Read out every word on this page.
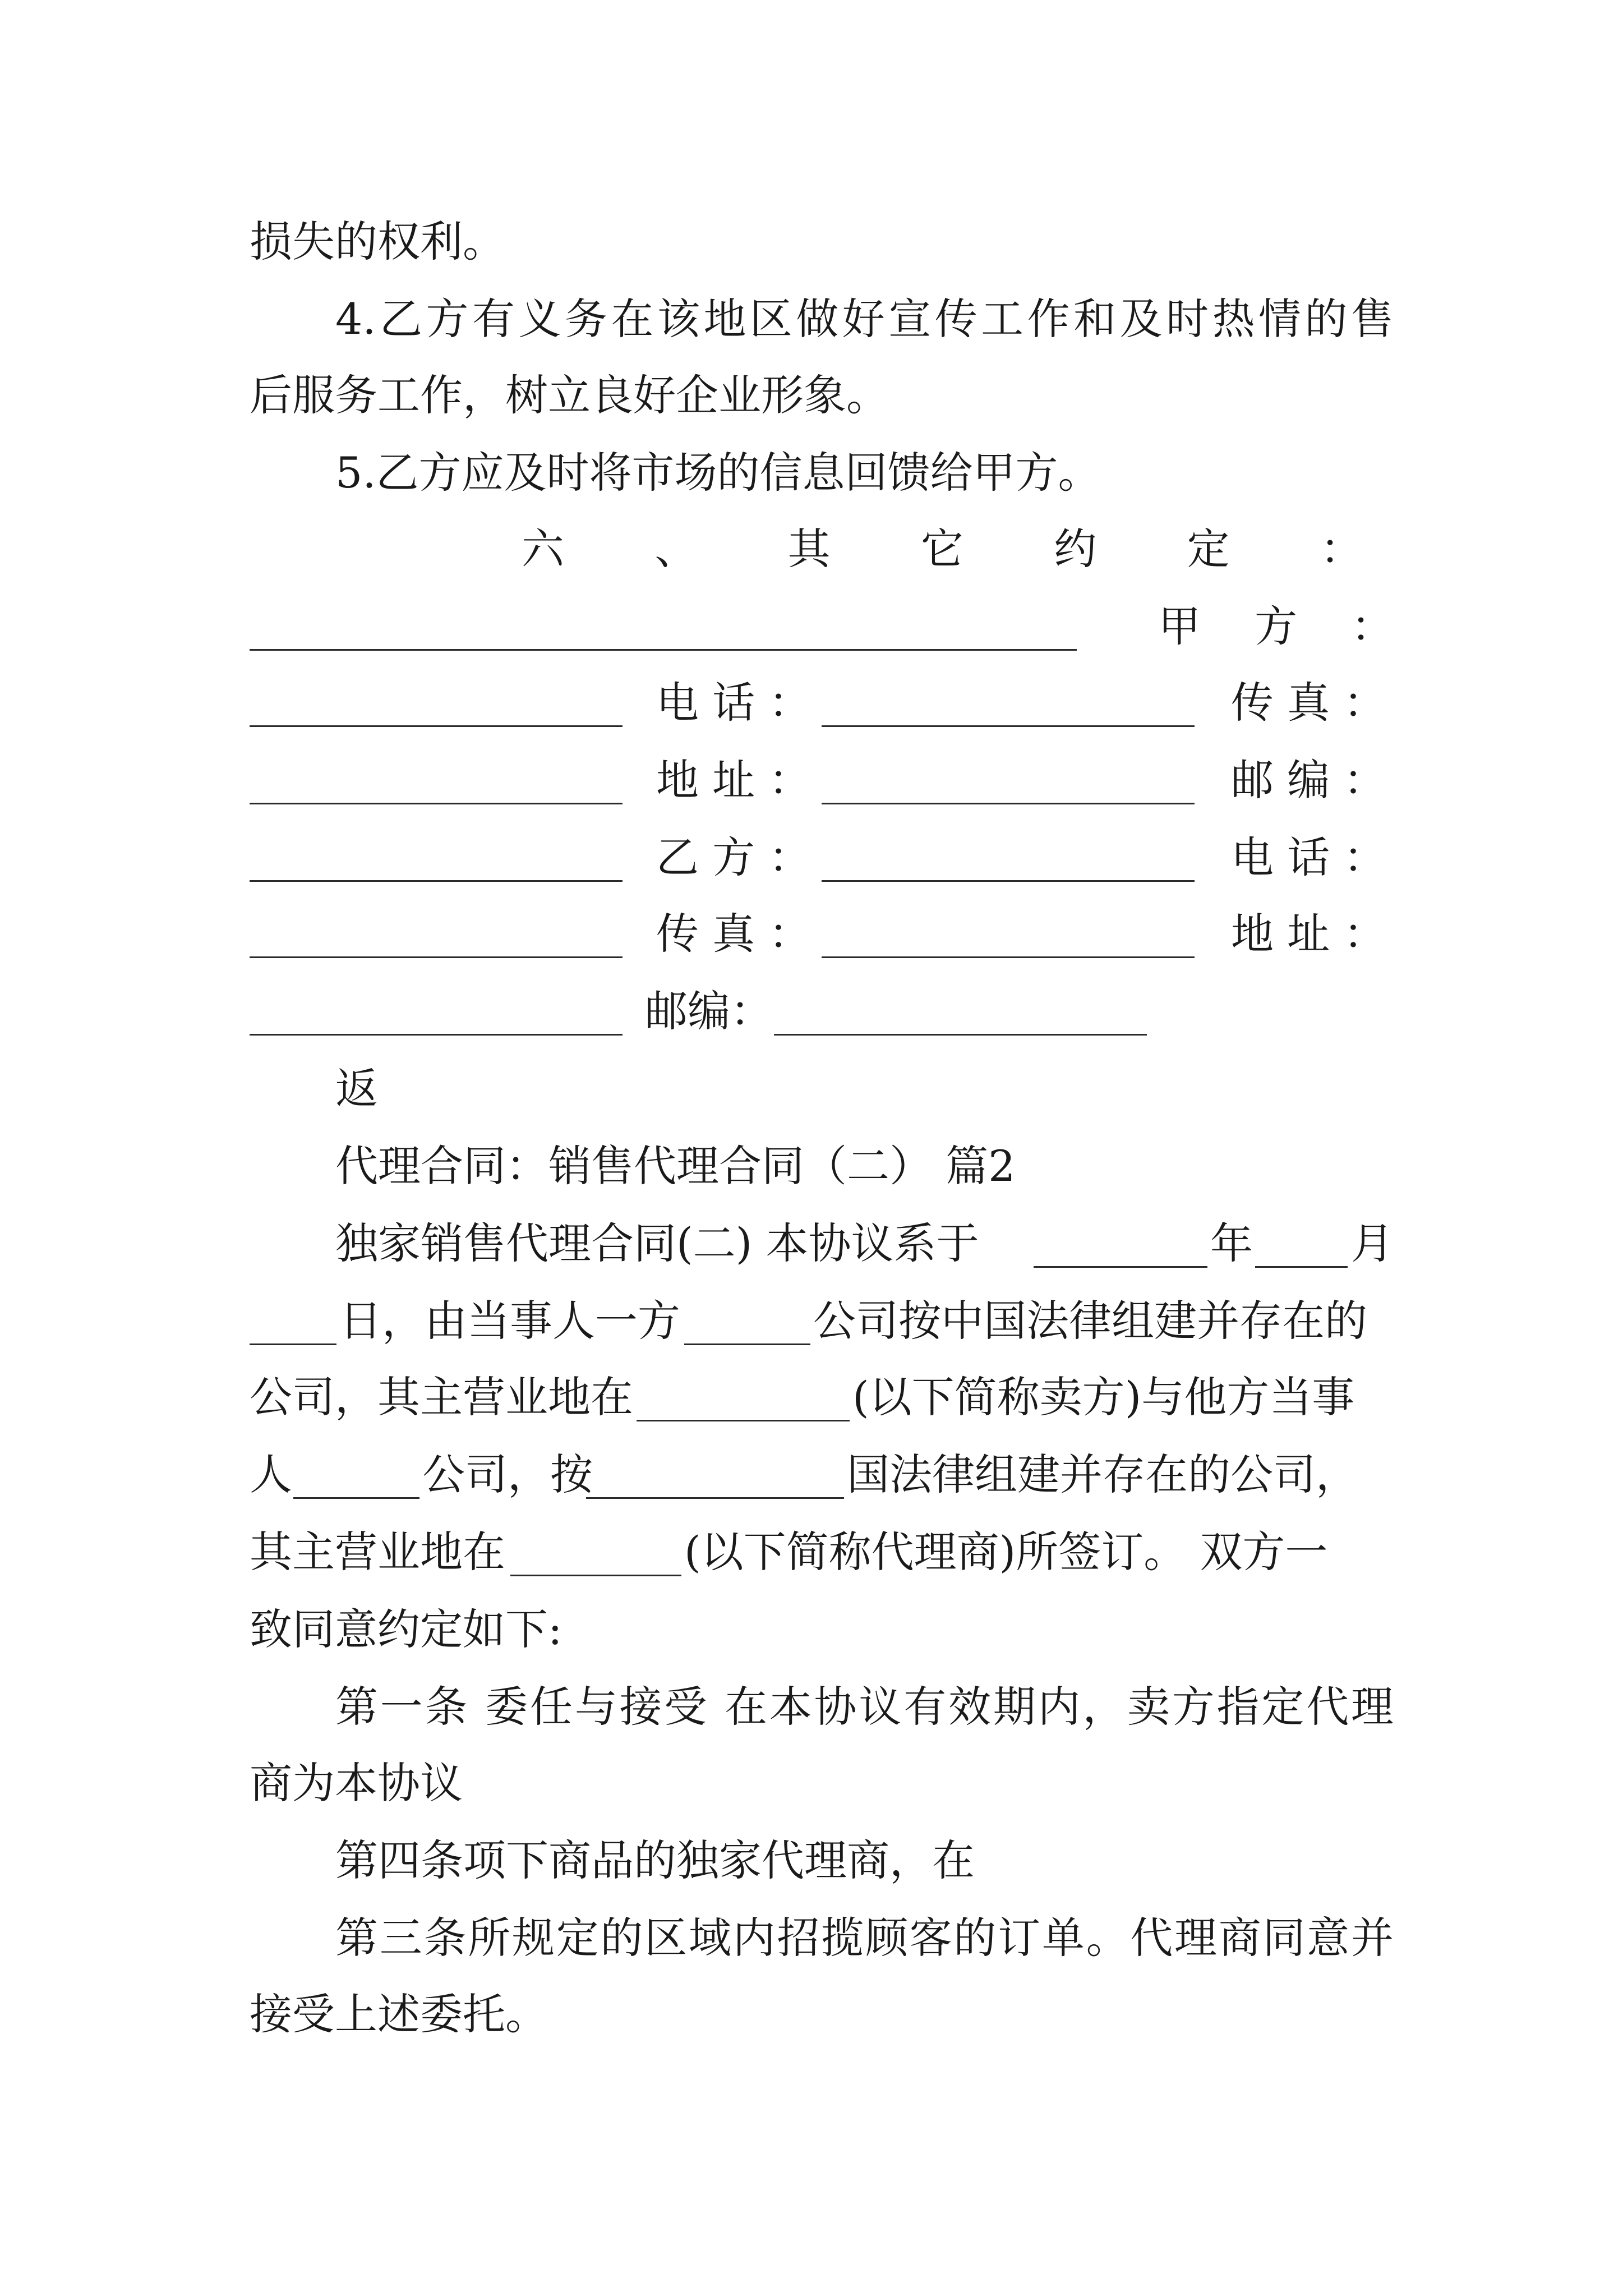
损失的权利。
4.乙方有义务在该地区做好宣传工作和及时热情的售
后服务工作，树立良好企业形象。
5.乙方应及时将市场的信息回馈给甲方。
六 、 其 它 约 定 ：
甲 方 ：
电 话 ：	传 真 ：
地 址 ：	邮 编 ：
乙 方 ：	电 话 ：
传 真 ：	地 址 ：
邮编：
返
代理合同：销售代理合同（二） 篇2
独家销售代理合同(二) 本协议系于	年 月
日，由当事人一方	公司按中国法律组建并存在的
公司，其主营业地在	(以下简称卖方)与他方当事
人	公司，按	国法律组建并存在的公司，
其主营业地在	(以下简称代理商)所签订。 双方一
致同意约定如下:
第一条 委任与接受 在本协议有效期内，卖方指定代理
商为本协议
第四条项下商品的独家代理商，在
第三条所规定的区域内招揽顾客的订单。代理商同意并
接受上述委托。
